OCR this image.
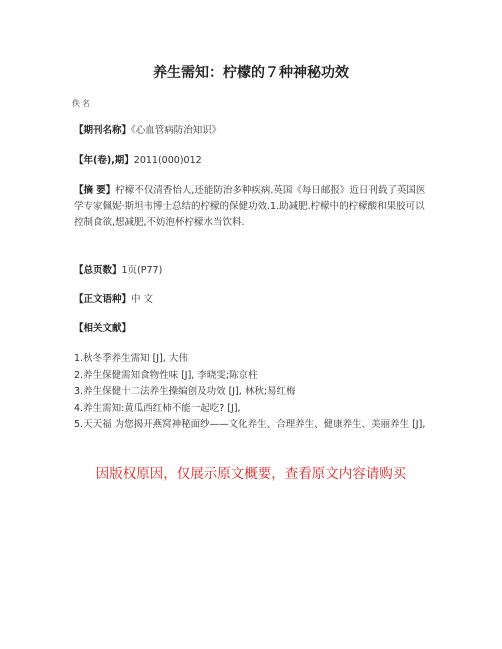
养生需知：柠檬的７种神秘功效
佚名
【期刊名称】《心血管病防治知识》
【年(卷),期】2011(000)012
【摘 要】柠檬不仅清香怡人,还能防治多种疾病.英国《每日邮报》近日刊载了英国医学专家佩妮·斯坦韦博士总结的柠檬的保健功效.1.助减肥.柠檬中的柠檬酸和果胶可以控制食欲,想减肥,不妨泡杯柠檬水当饮料.
【总页数】1页(P77)
【正文语种】中 文
【相关文献】

1.秋冬季养生需知 [J], 大伟

2.养生保健需知食物性味 [J], 李晓雯;陈京柱

3.养生保健十二法养生操编创及功效 [J], 林秋;易红梅

4.养生需知:黄瓜西红柿不能一起吃? [J],

5.天天福 为您揭开燕窝神秘面纱——文化养生、合理养生、健康养生、美丽养生 [J],

因版权原因，仅展示原文概要，查看原文内容请购买
